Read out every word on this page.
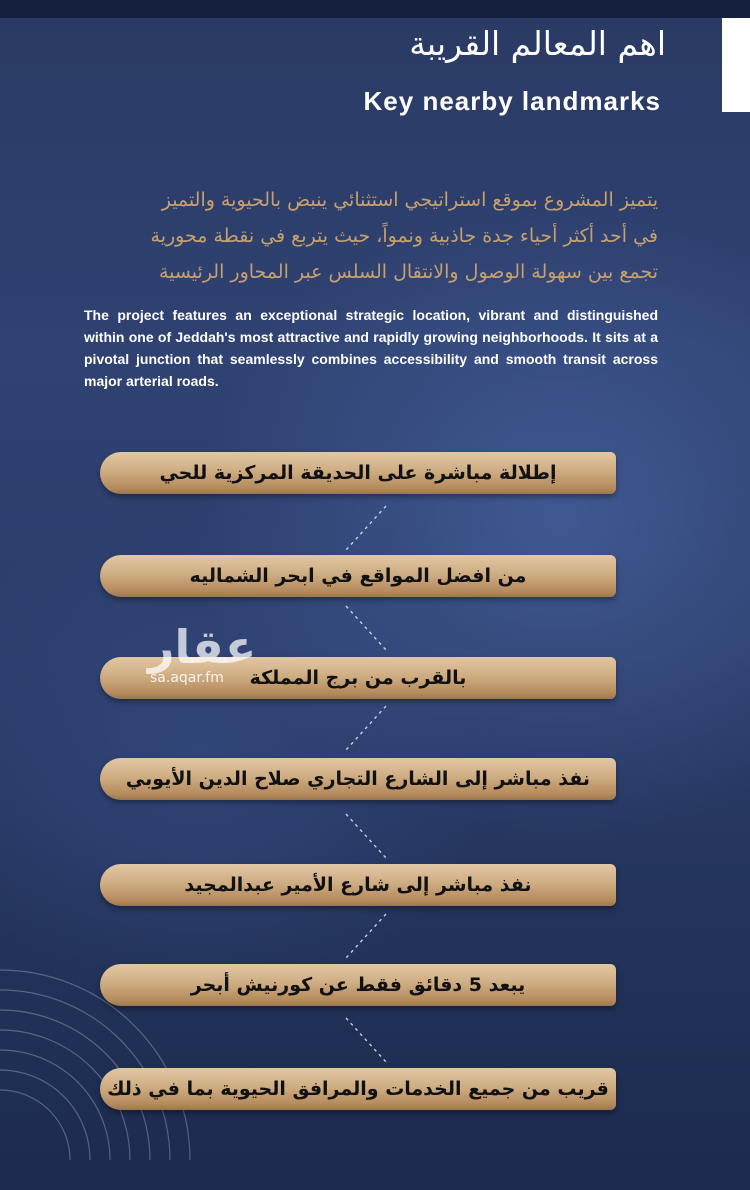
اهم المعالم القريبة
Key nearby landmarks
يتميز المشروع بموقع استراتيجي استثنائي ينبض بالحيوية والتميز
في أحد أكثر أحياء جدة جاذبية ونمواً، حيث يتربع في نقطة محورية
تجمع بين سهولة الوصول والانتقال السلس عبر المحاور الرئيسية

The project features an exceptional strategic location, vibrant and distinguished within one of Jeddah's most attractive and rapidly growing neighborhoods. It sits at a pivotal junction that seamlessly combines accessibility and smooth transit across major arterial roads.

إطلالة مباشرة على الحديقة المركزية للحي
من افضل المواقع في ابحر الشماليه
بالقرب من برج المملكة
نفذ مباشر إلى الشارع التجاري صلاح الدين الأيوبي
نفذ مباشر إلى شارع الأمير عبدالمجيد
يبعد 5 دقائق فقط عن كورنيش أبحر
قريب من جميع الخدمات والمرافق الحيوية بما في ذلك
عقار
sa.aqar.fm
